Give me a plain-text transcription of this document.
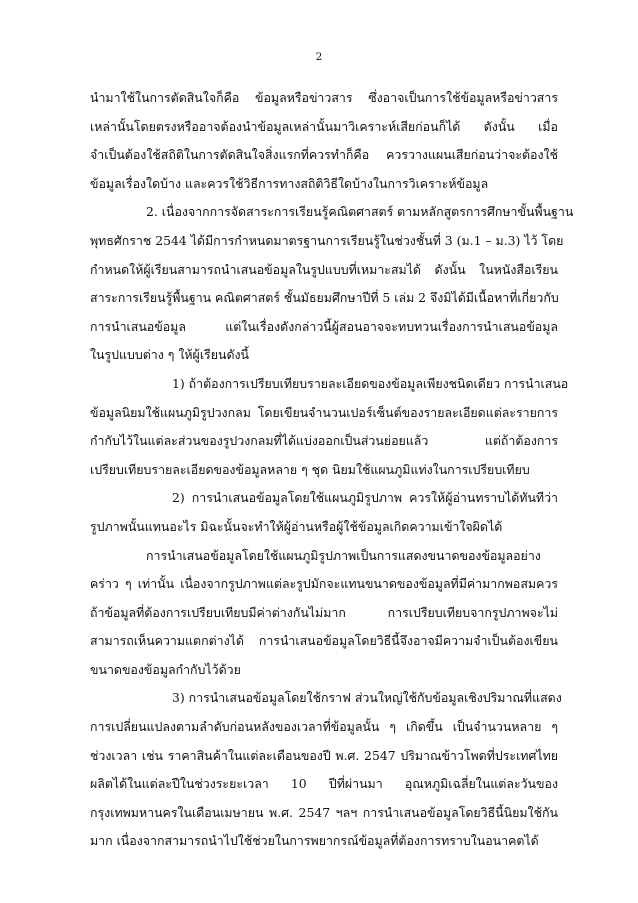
2
นำมาใช้ในการตัดสินใจก็คือ ข้อมูลหรือข่าวสาร ซึ่งอาจเป็นการใช้ข้อมูลหรือข่าวสาร
เหล่านั้นโดยตรงหรืออาจต้องนำข้อมูลเหล่านั้นมาวิเคราะห์เสียก่อนก็ได้ ดังนั้น เมื่อ
จำเป็นต้องใช้สถิติในการตัดสินใจสิ่งแรกที่ควรทำก็คือ ควรวางแผนเสียก่อนว่าจะต้องใช้
ข้อมูลเรื่องใดบ้าง และควรใช้วิธีการทางสถิติวิธีใดบ้างในการวิเคราะห์ข้อมูล
2. เนื่องจากการจัดสาระการเรียนรู้คณิตศาสตร์ ตามหลักสูตรการศึกษาขั้นพื้นฐาน
พุทธศักราช 2544 ได้มีการกำหนดมาตรฐานการเรียนรู้ในช่วงชั้นที่ 3 (ม.1 – ม.3) ไว้ โดย
กำหนดให้ผู้เรียนสามารถนำเสนอข้อมูลในรูปแบบที่เหมาะสมได้ ดังนั้น ในหนังสือเรียน
สาระการเรียนรู้พื้นฐาน คณิตศาสตร์ ชั้นมัธยมศึกษาปีที่ 5 เล่ม 2 จึงมิได้มีเนื้อหาที่เกี่ยวกับ
การนำเสนอข้อมูล แต่ในเรื่องดังกล่าวนี้ผู้สอนอาจจะทบทวนเรื่องการนำเสนอข้อมูล
ในรูปแบบต่าง ๆ ให้ผู้เรียนดังนี้
1) ถ้าต้องการเปรียบเทียบรายละเอียดของข้อมูลเพียงชนิดเดียว การนำเสนอ
ข้อมูลนิยมใช้แผนภูมิรูปวงกลม โดยเขียนจำนวนเปอร์เซ็นต์ของรายละเอียดแต่ละรายการ
กำกับไว้ในแต่ละส่วนของรูปวงกลมที่ได้แบ่งออกเป็นส่วนย่อยแล้ว แต่ถ้าต้องการ
เปรียบเทียบรายละเอียดของข้อมูลหลาย ๆ ชุด นิยมใช้แผนภูมิแท่งในการเปรียบเทียบ
2) การนำเสนอข้อมูลโดยใช้แผนภูมิรูปภาพ ควรให้ผู้อ่านทราบได้ทันทีว่า
รูปภาพนั้นแทนอะไร มิฉะนั้นจะทำให้ผู้อ่านหรือผู้ใช้ข้อมูลเกิดความเข้าใจผิดได้
การนำเสนอข้อมูลโดยใช้แผนภูมิรูปภาพเป็นการแสดงขนาดของข้อมูลอย่าง
คร่าว ๆ เท่านั้น เนื่องจากรูปภาพแต่ละรูปมักจะแทนขนาดของข้อมูลที่มีค่ามากพอสมควร
ถ้าข้อมูลที่ต้องการเปรียบเทียบมีค่าต่างกันไม่มาก การเปรียบเทียบจากรูปภาพจะไม่
สามารถเห็นความแตกต่างได้ การนำเสนอข้อมูลโดยวิธีนี้จึงอาจมีความจำเป็นต้องเขียน
ขนาดของข้อมูลกำกับไว้ด้วย
3) การนำเสนอข้อมูลโดยใช้กราฟ ส่วนใหญ่ใช้กับข้อมูลเชิงปริมาณที่แสดง
การเปลี่ยนแปลงตามลำดับก่อนหลังของเวลาที่ข้อมูลนั้น ๆ เกิดขึ้น เป็นจำนวนหลาย ๆ
ช่วงเวลา เช่น ราคาสินค้าในแต่ละเดือนของปี พ.ศ. 2547 ปริมาณข้าวโพดที่ประเทศไทย
ผลิตได้ในแต่ละปีในช่วงระยะเวลา 10 ปีที่ผ่านมา อุณหภูมิเฉลี่ยในแต่ละวันของ
กรุงเทพมหานครในเดือนเมษายน พ.ศ. 2547 ฯลฯ การนำเสนอข้อมูลโดยวิธีนี้นิยมใช้กัน
มาก เนื่องจากสามารถนำไปใช้ช่วยในการพยากรณ์ข้อมูลที่ต้องการทราบในอนาคตได้
